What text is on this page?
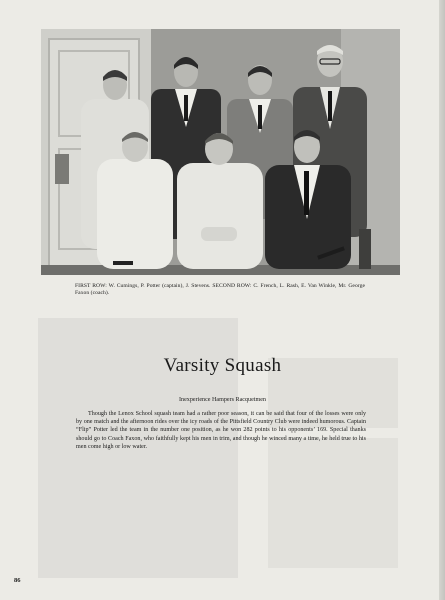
FIRST ROW: W. Cumings, P. Potter (captain), J. Stevens. SECOND ROW: C. French, L. Rash, E. Van Winkle, Mr. George Faxon (coach).
Varsity Squash
Inexperience Hampers Racquetmen
Though the Lenox School squash team had a rather poor season, it can be said that four of the losses were only by one match and the afternoon rides over the icy roads of the Pittsfield Country Club were indeed humorous. Captain “Flip” Potter led the team in the number one position, as he won 282 points to his opponents’ 169. Special thanks should go to Coach Faxon, who faithfully kept his men in trim, and though he winced many a time, he held true to his men come high or low water.
86
